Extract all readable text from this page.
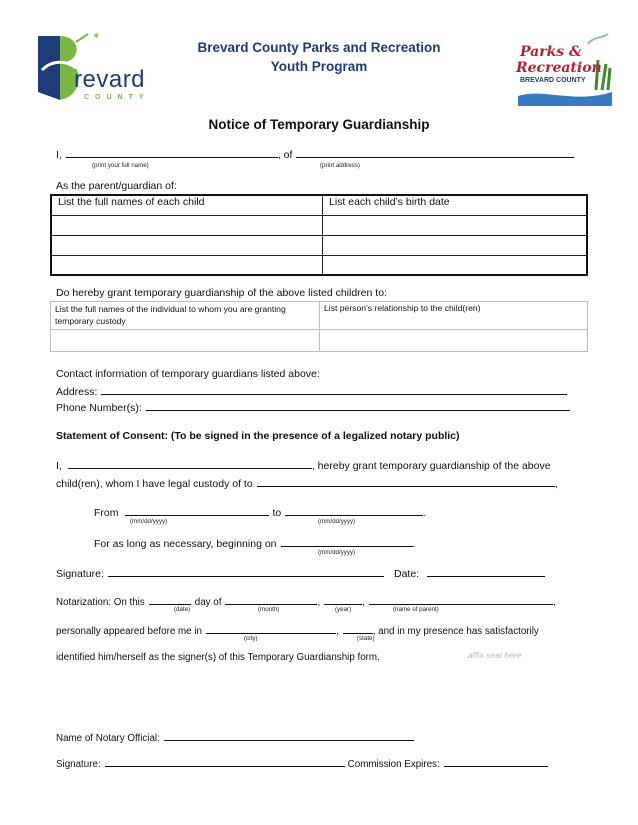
✶
revard
COUNTY
Brevard County Parks and Recreation
Youth Program
Parks &
Recreation
BREVARD COUNTY
Notice of Temporary Guardianship
I,	, of
(print your full name)	(print address)
As the parent/guardian of:
List the full names of each child	List each child’s birth date

Do hereby grant temporary guardianship of the above listed children to:
List the full names of the individual to whom you are granting temporary custody	List person’s relationship to the child(ren)

Contact information of temporary guardians listed above:
Address:
Phone Number(s):
Statement of Consent: (To be signed in the presence of a legalized notary public)
I,	, hereby grant temporary guardianship of the above
child(ren), whom I have legal custody of to	,
From	to	.
(mm/dd/yyyy)	(mm/dd/yyyy)
For as long as necessary, beginning on	.
(mm/dd/yyyy)
Signature:	Date:
Notarization: On this	day of	,	,	,
(date)	(month)	(year)	(name of parent)
personally appeared before me in	,	, and in my presence has satisfactorily
(city)	(state)
identified him/herself as the signer(s) of this Temporary Guardianship form.	affix seal here
Name of Notary Official:
Signature:	Commission Expires:
